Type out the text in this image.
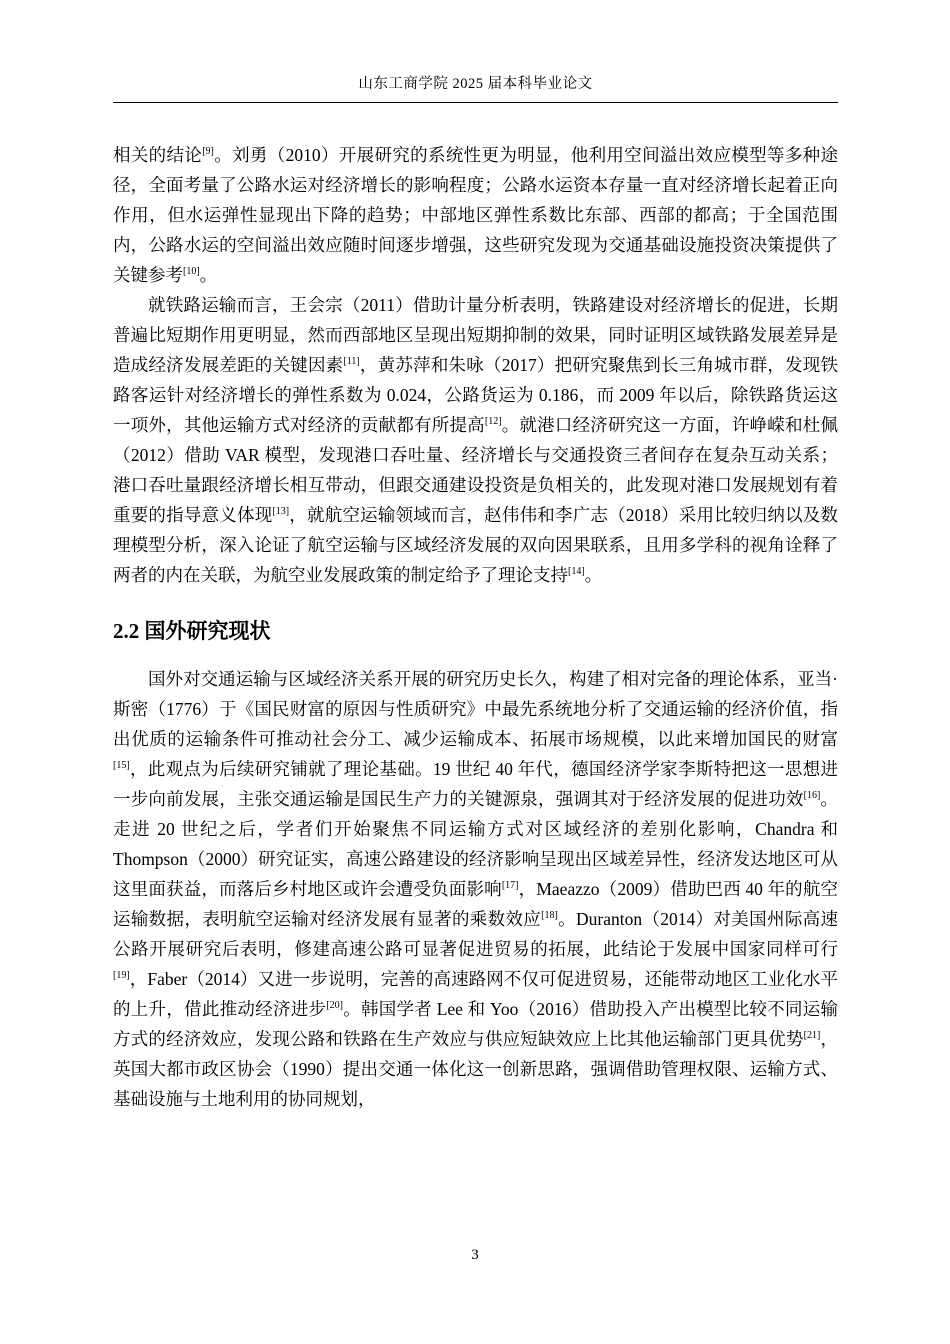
山东工商学院 2025 届本科毕业论文

相关的结论[9]。刘勇（2010）开展研究的系统性更为明显，他利用空间溢出效应模型等多种途径，全面考量了公路水运对经济增长的影响程度；公路水运资本存量一直对经济增长起着正向作用，但水运弹性显现出下降的趋势；中部地区弹性系数比东部、西部的都高；于全国范围内，公路水运的空间溢出效应随时间逐步增强，这些研究发现为交通基础设施投资决策提供了关键参考[10]。

就铁路运输而言，王会宗（2011）借助计量分析表明，铁路建设对经济增长的促进，长期普遍比短期作用更明显，然而西部地区呈现出短期抑制的效果，同时证明区域铁路发展差异是造成经济发展差距的关键因素[11]，黄苏萍和朱咏（2017）把研究聚焦到长三角城市群，发现铁路客运针对经济增长的弹性系数为 0.024，公路货运为 0.186，而 2009 年以后，除铁路货运这一项外，其他运输方式对经济的贡献都有所提高[12]。就港口经济研究这一方面，许峥嵘和杜佩（2012）借助 VAR 模型，发现港口吞吐量、经济增长与交通投资三者间存在复杂互动关系；港口吞吐量跟经济增长相互带动，但跟交通建设投资是负相关的，此发现对港口发展规划有着重要的指导意义体现[13]，就航空运输领域而言，赵伟伟和李广志（2018）采用比较归纳以及数理模型分析，深入论证了航空运输与区域经济发展的双向因果联系，且用多学科的视角诠释了两者的内在关联，为航空业发展政策的制定给予了理论支持[14]。

2.2 国外研究现状

国外对交通运输与区域经济关系开展的研究历史长久，构建了相对完备的理论体系，亚当·斯密（1776）于《国民财富的原因与性质研究》中最先系统地分析了交通运输的经济价值，指出优质的运输条件可推动社会分工、减少运输成本、拓展市场规模，以此来增加国民的财富[15]，此观点为后续研究铺就了理论基础。19 世纪 40 年代，德国经济学家李斯特把这一思想进一步向前发展，主张交通运输是国民生产力的关键源泉，强调其对于经济发展的促进功效[16]。走进 20 世纪之后，学者们开始聚焦不同运输方式对区域经济的差别化影响，Chandra 和 Thompson（2000）研究证实，高速公路建设的经济影响呈现出区域差异性，经济发达地区可从这里面获益，而落后乡村地区或许会遭受负面影响[17]，Maeazzo（2009）借助巴西 40 年的航空运输数据，表明航空运输对经济发展有显著的乘数效应[18]。Duranton（2014）对美国州际高速公路开展研究后表明，修建高速公路可显著促进贸易的拓展，此结论于发展中国家同样可行[19]，Faber（2014）又进一步说明，完善的高速路网不仅可促进贸易，还能带动地区工业化水平的上升，借此推动经济进步[20]。韩国学者 Lee 和 Yoo（2016）借助投入产出模型比较不同运输方式的经济效应，发现公路和铁路在生产效应与供应短缺效应上比其他运输部门更具优势[21]，英国大都市政区协会（1990）提出交通一体化这一创新思路，强调借助管理权限、运输方式、基础设施与土地利用的协同规划，

3
